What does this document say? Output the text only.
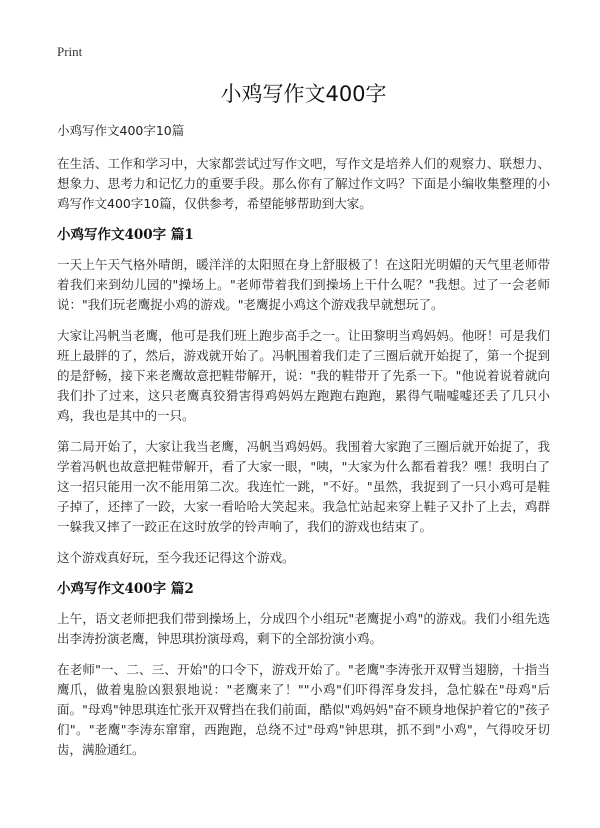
Print
小鸡写作文400字
小鸡写作文400字10篇

在生活、工作和学习中，大家都尝试过写作文吧，写作文是培养人们的观察力、联想力、想象力、思考力和记忆力的重要手段。那么你有了解过作文吗？下面是小编收集整理的小鸡写作文400字10篇，仅供参考，希望能够帮助到大家。

小鸡写作文400字 篇1

一天上午天气格外晴朗，暖洋洋的太阳照在身上舒服极了！在这阳光明媚的天气里老师带着我们来到幼儿园的"操场上。"老师带着我们到操场上干什么呢？"我想。过了一会老师说："我们玩老鹰捉小鸡的游戏。"老鹰捉小鸡这个游戏我早就想玩了。

大家让冯帆当老鹰，他可是我们班上跑步高手之一。让田黎明当鸡妈妈。他呀！可是我们班上最胖的了，然后，游戏就开始了。冯帆围着我们走了三圈后就开始捉了，第一个捉到的是舒畅，接下来老鹰故意把鞋带解开，说："我的鞋带开了先系一下。"他说着说着就向我们扑了过来，这只老鹰真狡猾害得鸡妈妈左跑跑右跑跑，累得气喘嘘嘘还丢了几只小鸡，我也是其中的一只。

第二局开始了，大家让我当老鹰，冯帆当鸡妈妈。我围着大家跑了三圈后就开始捉了，我学着冯帆也故意把鞋带解开，看了大家一眼，"咦，"大家为什么都看着我？嘿！我明白了这一招只能用一次不能用第二次。我连忙一跳，"不好。"虽然，我捉到了一只小鸡可是鞋子掉了，还摔了一跤，大家一看哈哈大笑起来。我急忙站起来穿上鞋子又扑了上去，鸡群一躲我又摔了一跤正在这时放学的铃声响了，我们的游戏也结束了。

这个游戏真好玩，至今我还记得这个游戏。

小鸡写作文400字 篇2

上午，语文老师把我们带到操场上，分成四个小组玩"老鹰捉小鸡"的游戏。我们小组先选出李涛扮演老鹰，钟思琪扮演母鸡，剩下的全部扮演小鸡。

在老师"一、二、三、开始"的口令下，游戏开始了。"老鹰"李涛张开双臂当翅膀，十指当鹰爪，做着鬼脸凶狠狠地说："老鹰来了！""小鸡"们吓得浑身发抖，急忙躲在"母鸡"后面。"母鸡"钟思琪连忙张开双臂挡在我们前面，酷似"鸡妈妈"奋不顾身地保护着它的"孩子们"。"老鹰"李涛东窜窜，西跑跑，总绕不过"母鸡"钟思琪，抓不到"小鸡"，气得咬牙切齿，满脸通红。
